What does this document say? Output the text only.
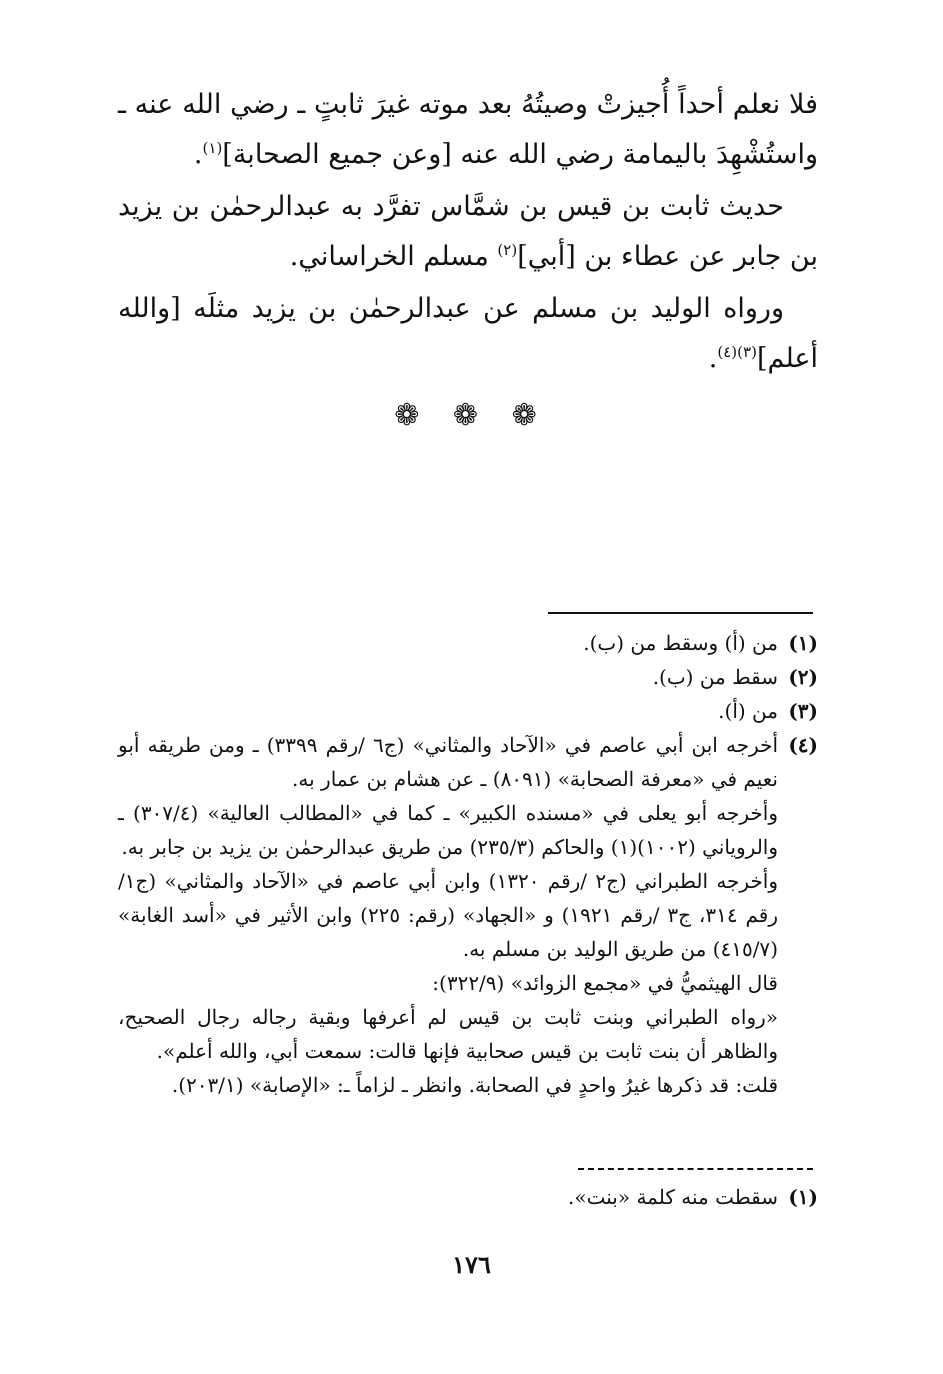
فلا نعلم أحداً أُجيزتْ وصيتُهُ بعد موته غيرَ ثابتٍ ـ رضي الله عنه ـ واستُشْهِدَ باليمامة رضي الله عنه [وعن جميع الصحابة]$^{(١)}$.

حديث ثابت بن قيس بن شمَّاس تفرَّد به عبدالرحمٰن بن يزيد بن جابر عن عطاء بن [أبي]$^{(٢)}$ مسلم الخراساني.

ورواه الوليد بن مسلم عن عبدالرحمٰن بن يزيد مثلَه [والله أعلم]$^{(٣)(٤)}$.

❁ ❁ ❁
(١)

من (أ) وسقط من (ب).

(٢)

سقط من (ب).

(٣)

من (أ).

(٤)

أخرجه ابن أبي عاصم في «الآحاد والمثاني» (ج٦ /رقم ٣٣٩٩) ـ ومن طريقه أبو نعيم في «معرفة الصحابة» (٨٠٩١) ـ عن هشام بن عمار به.

وأخرجه أبو يعلى في «مسنده الكبير» ـ كما في «المطالب العالية» (٣٠٧/٤) ـ والروياني (١٠٠٢)(١) والحاكم (٢٣٥/٣) من طريق عبدالرحمٰن بن يزيد بن جابر به.

وأخرجه الطبراني (ج٢ /رقم ١٣٢٠) وابن أبي عاصم في «الآحاد والمثاني» (ج١/ رقم ٣١٤، ج٣ /رقم ١٩٢١) و «الجهاد» (رقم: ٢٢٥) وابن الأثير في «أسد الغابة» (٤١٥/٧) من طريق الوليد بن مسلم به.

قال الهيثميُّ في «مجمع الزوائد» (٣٢٢/٩):

«رواه الطبراني وبنت ثابت بن قيس لم أعرفها وبقية رجاله رجال الصحيح، والظاهر أن بنت ثابت بن قيس صحابية فإنها قالت: سمعت أبي، والله أعلم».

قلت: قد ذكرها غيرُ واحدٍ في الصحابة. وانظر ـ لزاماً ـ: «الإصابة» (٢٠٣/١).

(١)

سقطت منه كلمة «بنت».

١٧٦
